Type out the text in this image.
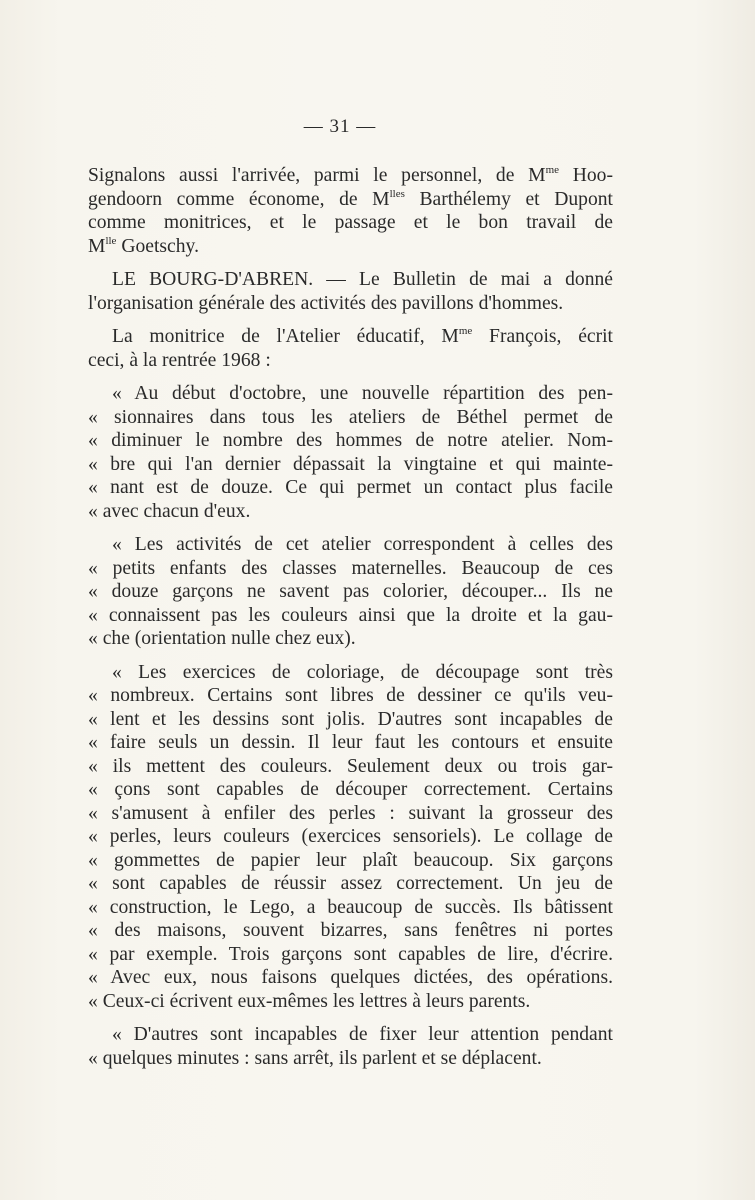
— 31 —

Signalons aussi l'arrivée, parmi le personnel, de $M^{me}$ Hoo-
gendoorn comme économe, de $M^{lles}$ Barthélemy et Dupont
comme monitrices, et le passage et le bon travail de
$M^{lle}$ Goetschy.

LE BOURG-D'ABREN. — Le Bulletin de mai a donné
l'organisation générale des activités des pavillons d'hommes.

La monitrice de l'Atelier éducatif, $M^{me}$ François, écrit
ceci, à la rentrée 1968 :

« Au début d'octobre, une nouvelle répartition des pen-
« sionnaires dans tous les ateliers de Béthel permet de
« diminuer le nombre des hommes de notre atelier. Nom-
« bre qui l'an dernier dépassait la vingtaine et qui mainte-
« nant est de douze. Ce qui permet un contact plus facile
« avec chacun d'eux.

« Les activités de cet atelier correspondent à celles des
« petits enfants des classes maternelles. Beaucoup de ces
« douze garçons ne savent pas colorier, découper... Ils ne
« connaissent pas les couleurs ainsi que la droite et la gau-
« che (orientation nulle chez eux).

« Les exercices de coloriage, de découpage sont très
« nombreux. Certains sont libres de dessiner ce qu'ils veu-
« lent et les dessins sont jolis. D'autres sont incapables de
« faire seuls un dessin. Il leur faut les contours et ensuite
« ils mettent des couleurs. Seulement deux ou trois gar-
« çons sont capables de découper correctement. Certains
« s'amusent à enfiler des perles : suivant la grosseur des
« perles, leurs couleurs (exercices sensoriels). Le collage de
« gommettes de papier leur plaît beaucoup. Six garçons
« sont capables de réussir assez correctement. Un jeu de
« construction, le Lego, a beaucoup de succès. Ils bâtissent
« des maisons, souvent bizarres, sans fenêtres ni portes
« par exemple. Trois garçons sont capables de lire, d'écrire.
« Avec eux, nous faisons quelques dictées, des opérations.
« Ceux-ci écrivent eux-mêmes les lettres à leurs parents.

« D'autres sont incapables de fixer leur attention pendant
« quelques minutes : sans arrêt, ils parlent et se déplacent.
